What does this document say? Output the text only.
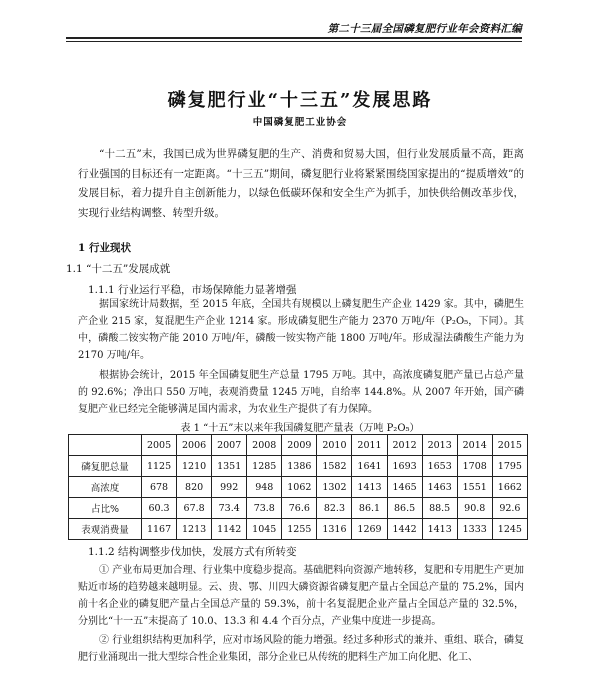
第二十三届全国磷复肥行业年会资料汇编
磷复肥行业“十三五”发展思路
中国磷复肥工业协会

“十二五”末，我国已成为世界磷复肥的生产、消费和贸易大国，但行业发展质量不高，距离行业强国的目标还有一定距离。“十三五”期间，磷复肥行业将紧紧围绕国家提出的“提质增效”的发展目标，着力提升自主创新能力，以绿色低碳环保和安全生产为抓手，加快供给侧改革步伐，实现行业结构调整、转型升级。

1 行业现状

1.1 “十二五”发展成就

1.1.1 行业运行平稳，市场保障能力显著增强

据国家统计局数据，至 2015 年底，全国共有规模以上磷复肥生产企业 1429 家。其中，磷肥生产企业 215 家，复混肥生产企业 1214 家。形成磷复肥生产能力 2370 万吨/年（P₂O₅，下同）。其中，磷酸二铵实物产能 2010 万吨/年，磷酸一铵实物产能 1800 万吨/年。形成湿法磷酸生产能力为 2170 万吨/年。

表 1 “十五”末以来年我国磷复肥产量表（万吨 P₂O₅）
	2005	2006	2007	2008	2009	2010	2011	2012	2013	2014	2015
磷复肥总量	1125	1210	1351	1285	1386	1582	1641	1693	1653	1708	1795
高浓度	678	820	992	948	1062	1302	1413	1465	1463	1551	1662
占比%	60.3	67.8	73.4	73.8	76.6	82.3	86.1	86.5	88.5	90.8	92.6
表观消费量	1167	1213	1142	1045	1255	1316	1269	1442	1413	1333	1245

1.1.2 结构调整步伐加快，发展方式有所转变

① 产业布局更加合理、行业集中度稳步提高。基础肥料向资源产地转移，复肥和专用肥生产更加贴近市场的趋势越来越明显。云、贵、鄂、川四大磷资源省磷复肥产量占全国总产量的 75.2%，国内前十名企业的磷复肥产量占全国总产量的 59.3%，前十名复混肥企业产量占全国总产量的 32.5%，分别比“十一五”末提高了 10.0、13.3 和 4.4 个百分点，产业集中度进一步提高。

② 行业组织结构更加科学，应对市场风险的能力增强。经过多种形式的兼并、重组、联合，磷复肥行业涌现出一批大型综合性企业集团，部分企业已从传统的肥料生产加工向化肥、化工、

根据协会统计，2015 年全国磷复肥生产总量 1795 万吨。其中，高浓度磷复肥产量已占总产量的 92.6%；净出口 550 万吨，表观消费量 1245 万吨，自给率 144.8%。从 2007 年开始，国产磷复肥产业已经完全能够满足国内需求，为农业生产提供了有力保障。
